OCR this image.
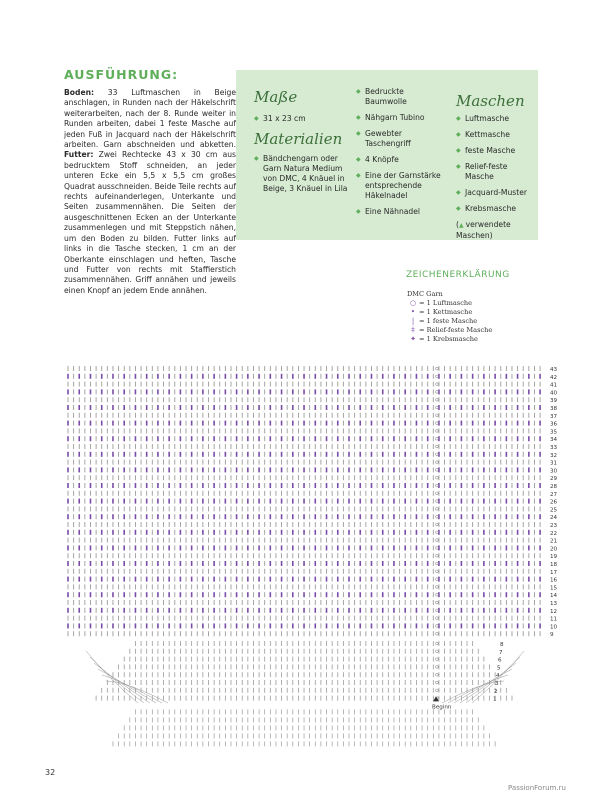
AUSFÜHRUNG:
Boden: 33 Luftmaschen in Beige anschlagen, in Runden nach der Häkelschrift weiterarbeiten, nach der 8. Runde weiter in Runden arbeiten, dabei 1 feste Masche auf jeden Fuß in Jacquard nach der Häkelschrift arbeiten. Garn abschneiden und abketten. Futter: Zwei Rechtecke 43 x 30 cm aus bedrucktem Stoff schneiden, an jeder unteren Ecke ein 5,5 x 5,5 cm großes Quadrat ausschneiden. Beide Teile rechts auf rechts aufeinanderlegen, Unterkante und Seiten zusammennähen. Die Seiten der ausgeschnittenen Ecken an der Unterkante zusammenlegen und mit Steppstich nähen, um den Boden zu bilden. Futter links auf links in die Tasche stecken, 1 cm an der Oberkante einschlagen und heften, Tasche und Futter von rechts mit Staffierstich zusammennähen. Griff annähen und jeweils einen Knopf an jedem Ende annähen.
Maße
◆ 31 x 23 cm
Materialien
◆ Bändchengarn oder Garn Natura Medium von DMC, 4 Knäuel in Beige, 3 Knäuel in Lila
◆ Bedruckte Baumwolle
◆ Nähgarn Tubino
◆ Gewebter Taschengriff
◆ 4 Knöpfe
◆ Eine der Garnstärke entsprechende Häkelnadel
◆ Eine Nähnadel
Maschen
◆ Luftmasche
◆ Kettmasche
◆ feste Masche
◆ Relief-feste Masche
◆ Jacquard-Muster
◆ Krebsmasche
(▲ verwendete Maschen)
ZEICHENERKLÄRUNG
DMC Garn
○ = 1 Luftmasche
• = 1 Kettmasche
| = 1 feste Masche
‡ = Relief-feste Masche
✦ = 1 Krebsmasche
43
42
41
40
39
38
37
36
35
34
33
32
31
30
29
28
27
26
25
24
23
22
21
20
19
18
17
16
15
14
13
12
11
10
9
8
7
6
5
4
3
2
1
Beginn
32
PassionForum.ru
